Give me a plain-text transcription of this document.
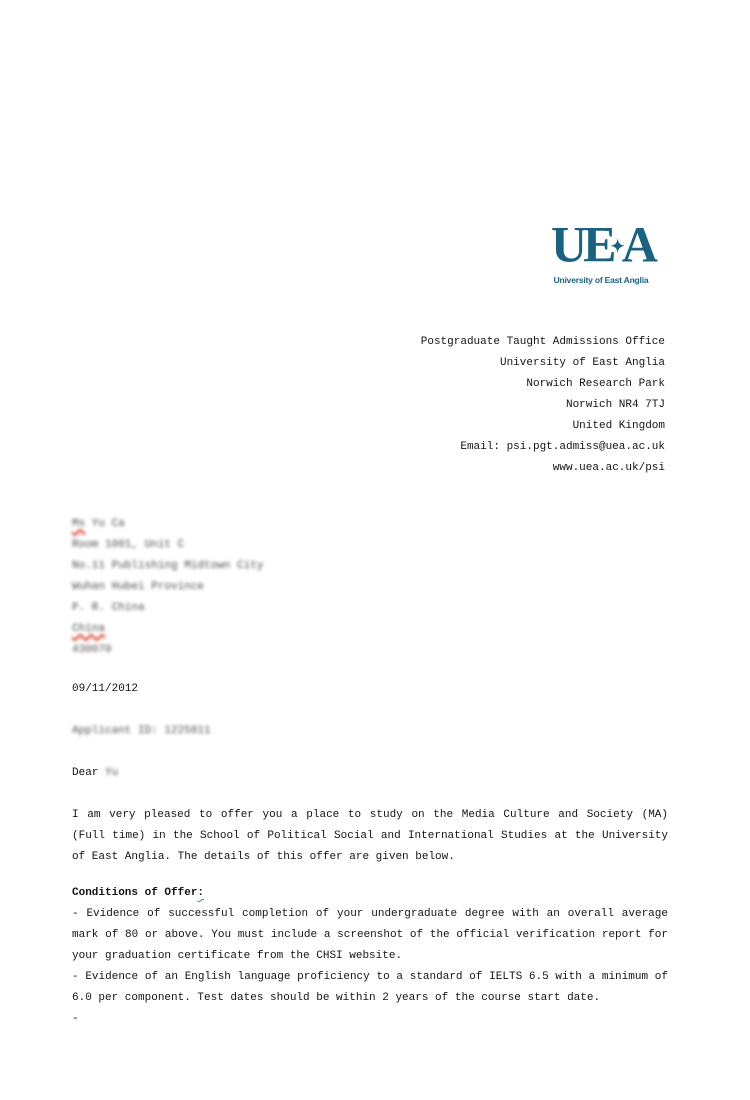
UE✦A
University of East Anglia
Postgraduate Taught Admissions Office
University of East Anglia
Norwich Research Park
Norwich NR4 7TJ
United Kingdom
Email: psi.pgt.admiss@uea.ac.uk
www.uea.ac.uk/psi
Ms Yu Ca
Room 1001, Unit C
No.11 Publishing Midtown City
Wuhan Hubei Province
P. R. China
China
430070
09/11/2012
Applicant ID: 1225811
Dear Yu
I am very pleased to offer you a place to study on the Media Culture and Society (MA) (Full time) in the School of Political Social and International Studies at the University of East Anglia. The details of this offer are given below.
Conditions of Offer:
- Evidence of successful completion of your undergraduate degree with an overall average mark of 80 or above. You must include a screenshot of the official verification report for your graduation certificate from the CHSI website.
- Evidence of an English language proficiency to a standard of IELTS 6.5 with a minimum of 6.0 per component. Test dates should be within 2 years of the course start date.
-
